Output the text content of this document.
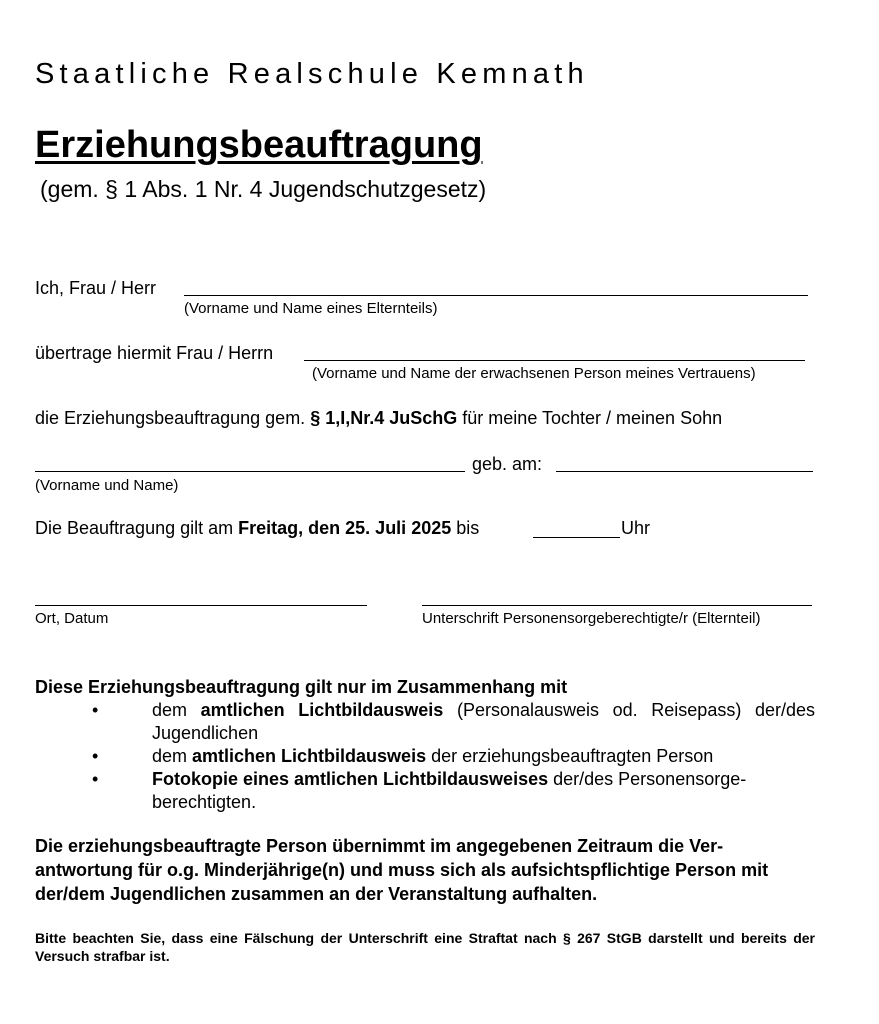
Staatliche Realschule Kemnath
Erziehungsbeauftragung
(gem. § 1 Abs. 1 Nr. 4 Jugendschutzgesetz)
Ich, Frau / Herr
(Vorname und Name eines Elternteils)
übertrage hiermit Frau / Herrn
(Vorname und Name der erwachsenen Person meines Vertrauens)
die Erziehungsbeauftragung gem. § 1,I,Nr.4 JuSchG für meine Tochter / meinen Sohn
geb. am:
(Vorname und Name)
Die Beauftragung gilt am Freitag, den 25. Juli 2025 bis	Uhr
Ort, Datum	Unterschrift Personensorgeberechtigte/r (Elternteil)
Diese Erziehungsbeauftragung gilt nur im Zusammenhang mit
•	dem amtlichen Lichtbildausweis (Personalausweis od. Reisepass) der/des Jugendlichen
•	dem amtlichen Lichtbildausweis der erziehungsbeauftragten Person
•	Fotokopie eines amtlichen Lichtbildausweises der/des Personensorge-berechtigten.
Die erziehungsbeauftragte Person übernimmt im angegebenen Zeitraum die Ver-antwortung für o.g. Minderjährige(n) und muss sich als aufsichtspflichtige Person mit der/dem Jugendlichen zusammen an der Veranstaltung aufhalten.
Bitte beachten Sie, dass eine Fälschung der Unterschrift eine Straftat nach § 267 StGB darstellt und bereits der Versuch strafbar ist.
